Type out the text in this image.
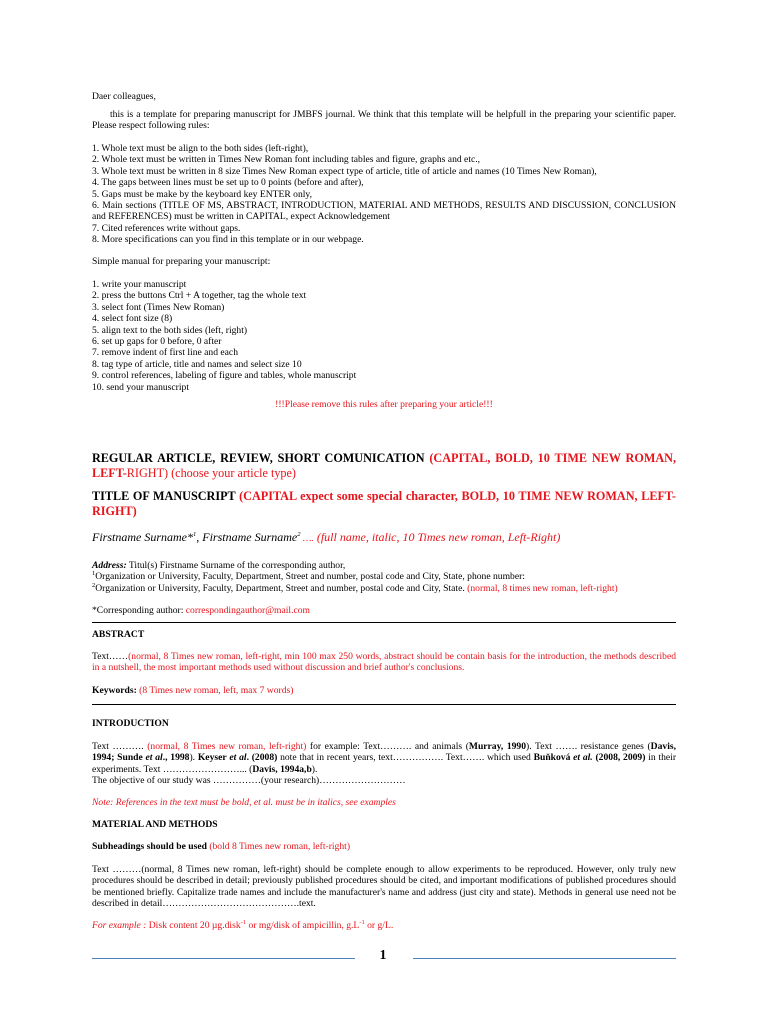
Daer colleagues,

this is a template for preparing manuscript for JMBFS journal. We think that this template will be helpfull in the preparing your scientific paper. Please respect following rules:

1. Whole text must be align to the both sides (left-right),

2. Whole text must be written in Times New Roman font including tables and figure, graphs and etc.,

3. Whole text must be written in 8 size Times New Roman expect type of article, title of article and names (10 Times New Roman),

4. The gaps between lines must be set up to 0 points (before and after),

5. Gaps must be make by the keyboard key ENTER only,

6. Main sections (TITLE OF MS, ABSTRACT, INTRODUCTION, MATERIAL AND METHODS, RESULTS AND DISCUSSION, CONCLUSION and REFERENCES) must be written in CAPITAL, expect Acknowledgement

7. Cited references write without gaps.

8. More specifications can you find in this template or in our webpage.

Simple manual for preparing your manuscript:

1. write your manuscript

2. press the buttons Ctrl + A together, tag the whole text

3. select font (Times New Roman)

4. select font size (8)

5. align text to the both sides (left, right)

6. set up gaps for 0 before, 0 after

7. remove indent of first line and each

8. tag type of article, title and names and select size 10

9. control references, labeling of figure and tables, whole manuscript

10. send your manuscript

!!!Please remove this rules after preparing your article!!!

REGULAR ARTICLE, REVIEW, SHORT COMUNICATION (CAPITAL, BOLD, 10 TIME NEW ROMAN, LEFT-RIGHT) (choose your article type)
TITLE OF MANUSCRIPT (CAPITAL expect some special character, BOLD, 10 TIME NEW ROMAN, LEFT-RIGHT)
Firstname Surname*$^1$, Firstname Surname$^2$ …. (full name, italic, 10 Times new roman, Left-Right)

Address: Titul(s) Firstname Surname of the corresponding author,

$^1$Organization or University, Faculty, Department, Street and number, postal code and City, State, phone number:

$^2$Organization or University, Faculty, Department, Street and number, postal code and City, State. (normal, 8 times new roman, left-right)

*Corresponding author: correspondingauthor@mail.com
ABSTRACT
Text……(normal, 8 Times new roman, left-right, min 100 max 250 words, abstract should be contain basis for the introduction, the methods described in a nutshell, the most important methods used without discussion and brief author's conclusions.
Keywords: (8 Times new roman, left, max 7 words)
INTRODUCTION
Text ………. (normal, 8 Times new roman, left-right) for example: Text………. and animals (Murray, 1990). Text ……. resistance genes (Davis, 1994; Sunde et al., 1998). Keyser et al. (2008) note that in recent years, text……………. Text……. which used Buňková et al. (2008, 2009) in their experiments. Text ……………………... (Davis, 1994a,b).

The objective of our study was ……………(your research)………………………

Note: References in the text must be bold, et al. must be in italics, see examples
MATERIAL AND METHODS
Subheadings should be used (bold 8 Times new roman, left-right)
Text ………(normal, 8 Times new roman, left-right) should be complete enough to allow experiments to be reproduced. However, only truly new procedures should be described in detail; previously published procedures should be cited, and important modifications of published procedures should be mentioned briefly. Capitalize trade names and include the manufacturer's name and address (just city and state). Methods in general use need not be described in detail…………………………………….text.
For example : Disk content 20 µg.disk$^{-1}$ or mg/disk of ampicillin, $g.L^{-1}$ or g/L.
1
